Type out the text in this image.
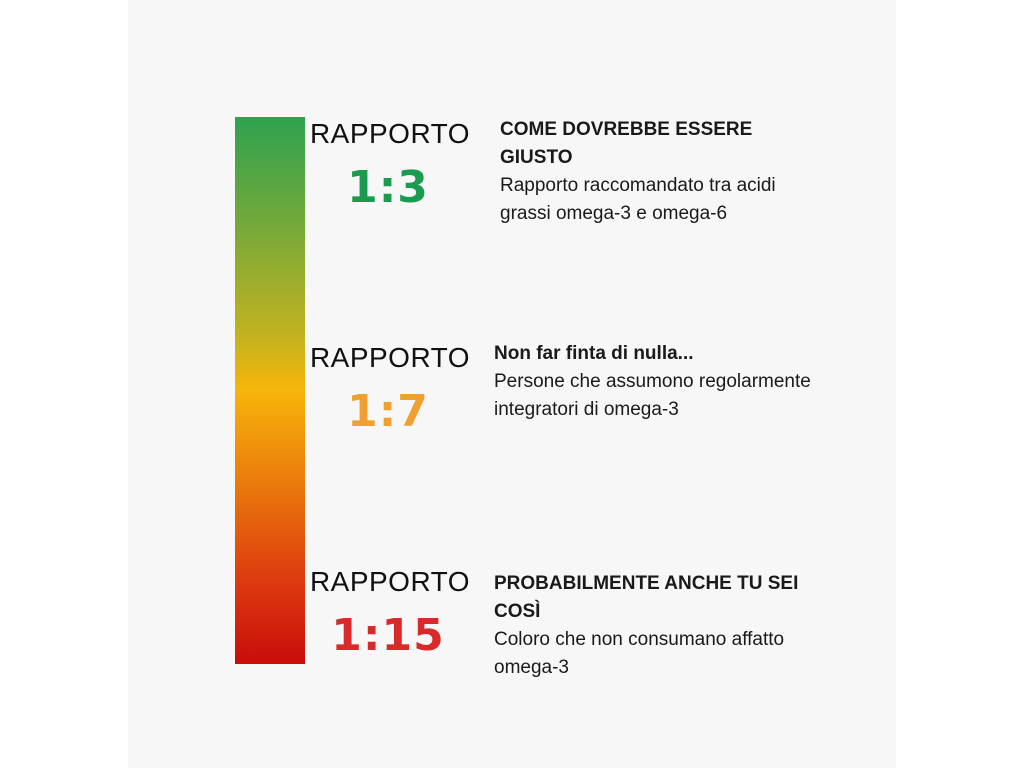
RAPPORTO
1:3
COME DOVREBBE ESSERE GIUSTO
Rapporto raccomandato tra acidi grassi omega-3 e omega-6
RAPPORTO
1:7
Non far finta di nulla...
Persone che assumono regolarmente integratori di omega-3
RAPPORTO
1:15
PROBABILMENTE ANCHE TU SEI COSÌ
Coloro che non consumano affatto omega-3
